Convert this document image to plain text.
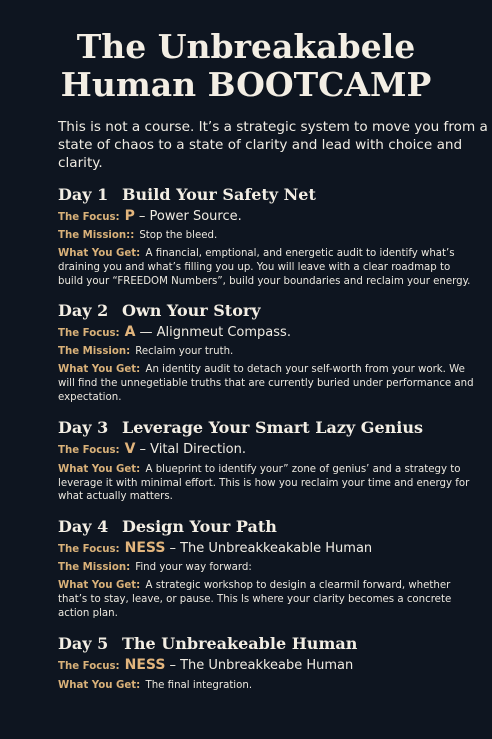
The Unbreakabele
Human BOOTCAMP

This is not a course. It’s a strategic system to move you from a state of chaos to a state of clarity and lead with choice and clarity.

Day 1 Build Your Safety Net
The Focus: P – Power Source.
The Mission:: Stop the bleed.

What You Get: A financial, emptional, and energetic audit to identify what’s draining you and what’s filling you up. You will leave with a clear roadmap to build your “FREEDOM Numbers”, build your boundaries and reclaim your energy.

Day 2 Own Your Story
The Focus: A — Alignmeut Compass.
The Mission: Reclaim your truth.

What You Get: An identity audit to detach your self-worth from your work. We will find the unnegetiable truths that are currently buried under performance and expectation.

Day 3 Leverage Your Smart Lazy Genius
The Focus: V – Vital Direction.

What You Get: A blueprint to identify your” zone of genius’ and a strategy to leverage it with minimal effort. This is how you reclaim your time and energy for what actually matters.

Day 4 Design Your Path
The Focus: NESS – The Unbreakkeakable Human
The Mission: Find your way forward:

What You Get: A strategic workshop to desigin a clearmil forward, whether that’s to stay, leave, or pause. This ls where your clarity becomes a concrete action plan.

Day 5 The Unbreakeable Human
The Focus: NESS – The Unbreakkeabe Human

What You Get: The final integration.
